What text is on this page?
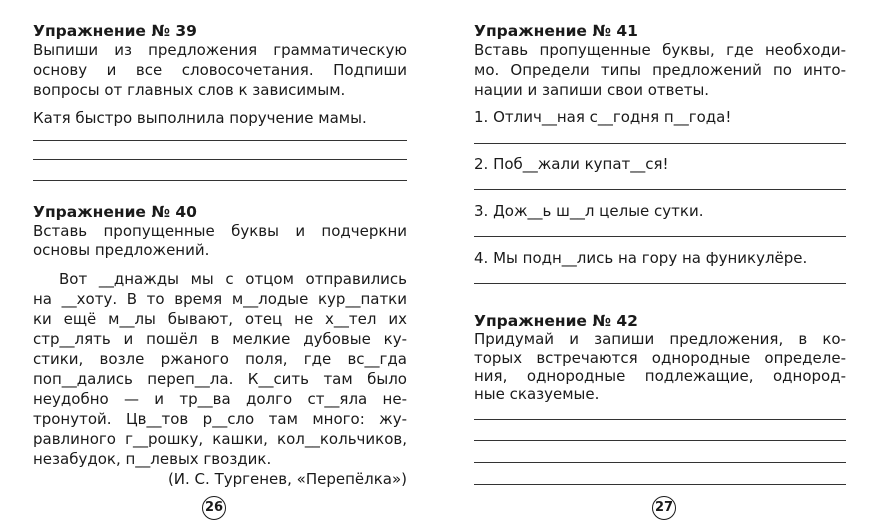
Упражнение № 39
Выпиши из предложения грамматическую
основу и все словосочетания. Подпиши
вопросы от главных слов к зависимым.
Катя быстро выполнила поручение мамы.
Упражнение № 40
Вставь пропущенные буквы и подчеркни
основы предложений.
Вот __днажды мы с отцом отправились
на __хоту. В то время м__лодые кур__патки
ки ещё м__лы бывают, отец не х__тел их
стр__лять и пошёл в мелкие дубовые ку-
стики, возле ржаного поля, где вс__гда
поп__дались переп__ла. К__сить там было
неудобно — и тр__ва долго ст__яла не-
тронутой. Цв__тов р__сло там много: жу-
равлиного г__рошку, кашки, кол__кольчиков,
незабудок, п__левых гвоздик.
(И. С. Тургенев, «Перепёлка»)
26
Упражнение № 41
Вставь пропущенные буквы, где необходи-
мо. Определи типы предложений по инто-
нации и запиши свои ответы.
1. Отлич__ная с__годня п__года!
2. Поб__жали купат__ся!
3. Дож__ь ш__л целые сутки.
4. Мы подн__лись на гору на фуникулёре.
Упражнение № 42
Придумай и запиши предложения, в ко-
торых встречаются однородные определе-
ния, однородные подлежащие, однород-
ные сказуемые.
27
